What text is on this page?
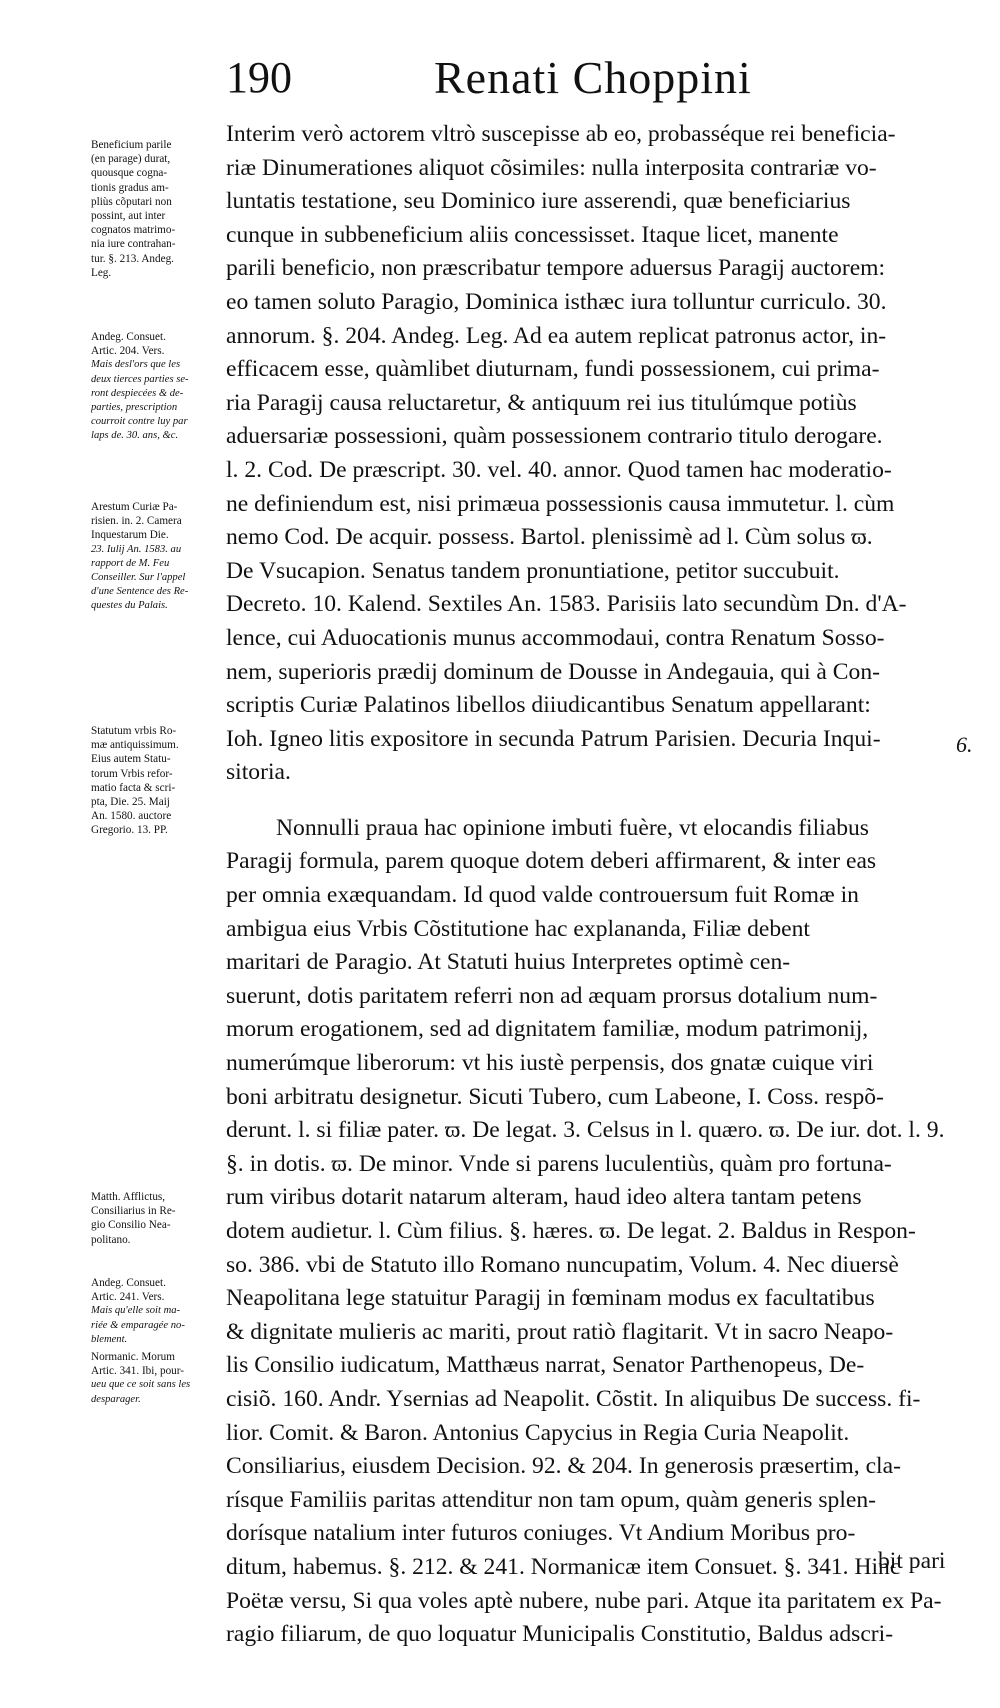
190	Renati Choppini
Beneficium parile
(en parage) durat,
quousque cogna-
tionis gradus am-
pliùs cõputari non
possint, aut inter
cognatos matrimo-
nia iure contrahan-
tur. §. 213. Andeg.
Leg.
Andeg. Consuet.
Artic. 204. Vers.
Mais desl'ors que les
deux tierces parties se-
ront despiecées & de-
parties, prescription
courroit contre luy par
laps de. 30. ans, &c.
Arestum Curiæ Pa-
risien. in. 2. Camera
Inquestarum Die.
23. Iulij An. 1583. au
rapport de M. Feu
Conseiller. Sur l'appel
d'une Sentence des Re-
questes du Palais.
Statutum vrbis Ro-
mæ antiquissimum.
Eius autem Statu-
torum Vrbis refor-
matio facta & scri-
pta, Die. 25. Maij
An. 1580. auctore
Gregorio. 13. PP.
Matth. Afflictus,
Consiliarius in Re-
gio Consilio Nea-
politano.
Andeg. Consuet.
Artic. 241. Vers.
Mais qu'elle soit ma-
riée & emparagée no-
blement.
Normanic. Morum
Artic. 341. Ibi, pour-
ueu que ce soit sans les
desparager.
Interim verò actorem vltrò suscepisse ab eo, probasséque rei beneficia-
riæ Dinumerationes aliquot cõsimiles: nulla interposita contrariæ vo-
luntatis testatione, seu Dominico iure asserendi, quæ beneficiarius
cunque in subbeneficium aliis concessisset. Itaque licet, manente
parili beneficio, non præscribatur tempore aduersus Paragij auctorem:
eo tamen soluto Paragio, Dominica isthæc iura tolluntur curriculo. 30.
annorum. §. 204. Andeg. Leg. Ad ea autem replicat patronus actor, in-
efficacem esse, quàmlibet diuturnam, fundi possessionem, cui prima-
ria Paragij causa reluctaretur, & antiquum rei ius titulúmque potiùs
aduersariæ possessioni, quàm possessionem contrario titulo derogare.
l. 2. Cod. De præscript. 30. vel. 40. annor. Quod tamen hac moderatio-
ne definiendum est, nisi primæua possessionis causa immutetur. l. cùm
nemo Cod. De acquir. possess. Bartol. plenissimè ad l. Cùm solus ϖ.
De Vsucapion. Senatus tandem pronuntiatione, petitor succubuit.
Decreto. 10. Kalend. Sextiles An. 1583. Parisiis lato secundùm Dn. d'A-
lence, cui Aduocationis munus accommodaui, contra Renatum Sosso-
nem, superioris prædij dominum de Dousse in Andegauia, qui à Con-
scriptis Curiæ Palatinos libellos diiudicantibus Senatum appellarant:
Ioh. Igneo litis expositore in secunda Patrum Parisien. Decuria Inqui-
sitoria.
Nonnulli praua hac opinione imbuti fuère, vt elocandis filiabus
Paragij formula, parem quoque dotem deberi affirmarent, & inter eas
per omnia exæquandam. Id quod valde controuersum fuit Romæ in
ambigua eius Vrbis Cõstitutione hac explananda, Filiæ debent
maritari de Paragio. At Statuti huius Interpretes optimè cen-
suerunt, dotis paritatem referri non ad æquam prorsus dotalium num-
morum erogationem, sed ad dignitatem familiæ, modum patrimonij,
numerúmque liberorum: vt his iustè perpensis, dos gnatæ cuique viri
boni arbitratu designetur. Sicuti Tubero, cum Labeone, I. Coss. respõ-
derunt. l. si filiæ pater. ϖ. De legat. 3. Celsus in l. quæro. ϖ. De iur. dot. l. 9.
§. in dotis. ϖ. De minor. Vnde si parens luculentiùs, quàm pro fortuna-
rum viribus dotarit natarum alteram, haud ideo altera tantam petens
dotem audietur. l. Cùm filius. §. hæres. ϖ. De legat. 2. Baldus in Respon-
so. 386. vbi de Statuto illo Romano nuncupatim, Volum. 4. Nec diuersè
Neapolitana lege statuitur Paragij in fœminam modus ex facultatibus
& dignitate mulieris ac mariti, prout ratiò flagitarit. Vt in sacro Neapo-
lis Consilio iudicatum, Matthæus narrat, Senator Parthenopeus, De-
cisiõ. 160. Andr. Ysernias ad Neapolit. Cõstit. In aliquibus De success. fi-
lior. Comit. & Baron. Antonius Capycius in Regia Curia Neapolit.
Consiliarius, eiusdem Decision. 92. & 204. In generosis præsertim, cla-
rísque Familiis paritas attenditur non tam opum, quàm generis splen-
dorísque natalium inter futuros coniuges. Vt Andium Moribus pro-
ditum, habemus. §. 212. & 241. Normanicæ item Consuet. §. 341. Hinc
Poëtæ versu, Si qua voles aptè nubere, nube pari. Atque ita paritatem ex Pa-
ragio filiarum, de quo loquatur Municipalis Constitutio, Baldus adscri-
6.
bit pari
